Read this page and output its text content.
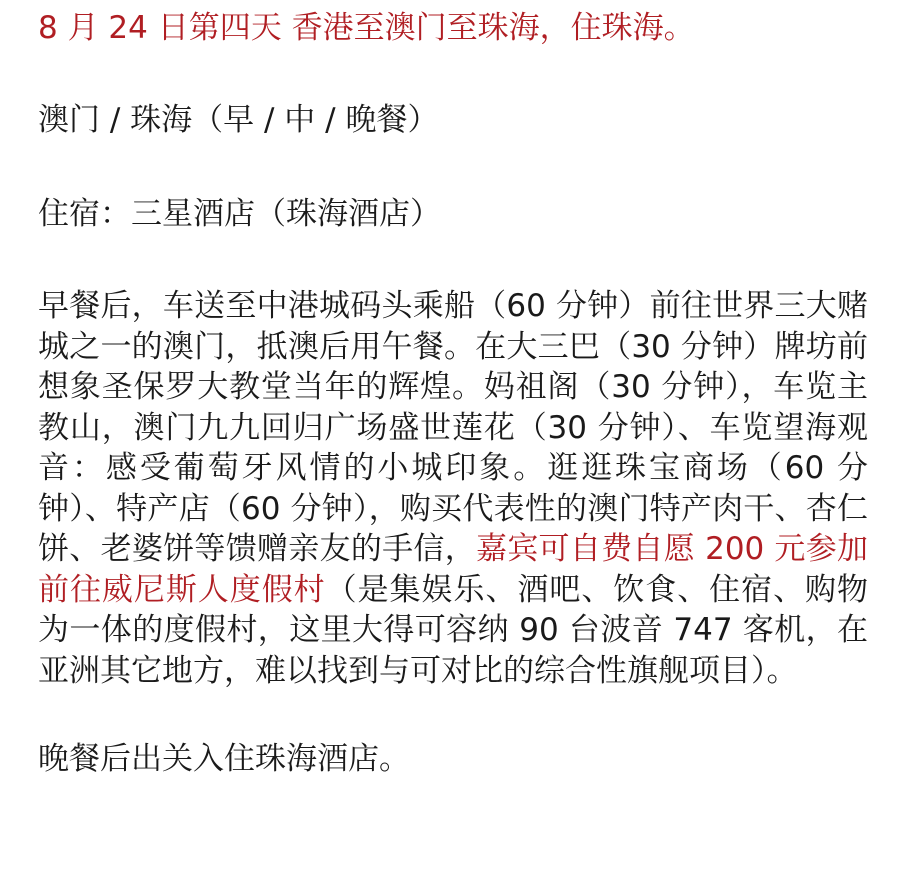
8 月 24 日第四天 香港至澳门至珠海，住珠海。

澳门 / 珠海（早 / 中 / 晚餐）

住宿：三星酒店（珠海酒店）

早餐后，车送至中港城码头乘船（60 分钟）前往世界三大赌城之一的澳门，抵澳后用午餐。在大三巴（30 分钟）牌坊前想象圣保罗大教堂当年的辉煌。妈祖阁（30 分钟），车览主教山，澳门九九回归广场盛世莲花（30 分钟）、车览望海观音：感受葡萄牙风情的小城印象。逛逛珠宝商场（60 分钟）、特产店（60 分钟），购买代表性的澳门特产肉干、杏仁饼、老婆饼等馈赠亲友的手信，嘉宾可自费自愿 200 元参加前往威尼斯人度假村（是集娱乐、酒吧、饮食、住宿、购物为一体的度假村，这里大得可容纳 90 台波音 747 客机，在亚洲其它地方，难以找到与可对比的综合性旗舰项目）。

晚餐后出关入住珠海酒店。
